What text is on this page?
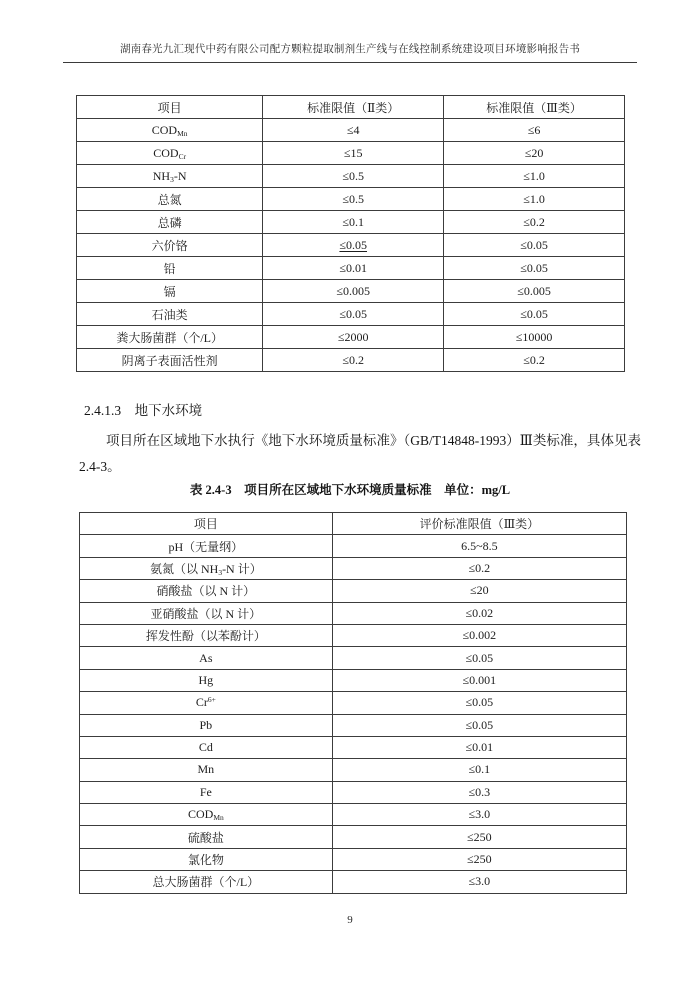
湖南春光九汇现代中药有限公司配方颗粒提取制剂生产线与在线控制系统建设项目环境影响报告书
项目	标准限值（Ⅱ类）	标准限值（Ⅲ类）
$COD_{Mn}$	≤4	≤6
$COD_{Cr}$	≤15	≤20
$NH_3-N$	≤0.5	≤1.0
总氮	≤0.5	≤1.0
总磷	≤0.1	≤0.2
六价铬	≤0.05	≤0.05
铅	≤0.01	≤0.05
镉	≤0.005	≤0.005
石油类	≤0.05	≤0.05
粪大肠菌群（个/L）	≤2000	≤10000
阴离子表面活性剂	≤0.2	≤0.2
2.4.1.3　地下水环境
项目所在区域地下水执行《地下水环境质量标准》（GB/T14848-1993）Ⅲ类标准，具体见表 2.4-3。
表 2.4-3　项目所在区域地下水环境质量标准　单位：mg/L
项目	评价标准限值（Ⅲ类）
pH（无量纲）	6.5~8.5
氨氮（以 $NH_3-N$ 计）	≤0.2
硝酸盐（以 N 计）	≤20
亚硝酸盐（以 N 计）	≤0.02
挥发性酚（以苯酚计）	≤0.002
As	≤0.05
Hg	≤0.001
$Cr^{6+}$	≤0.05
Pb	≤0.05
Cd	≤0.01
Mn	≤0.1
Fe	≤0.3
$COD_{Mn}$	≤3.0
硫酸盐	≤250
氯化物	≤250
总大肠菌群（个/L）	≤3.0
9
